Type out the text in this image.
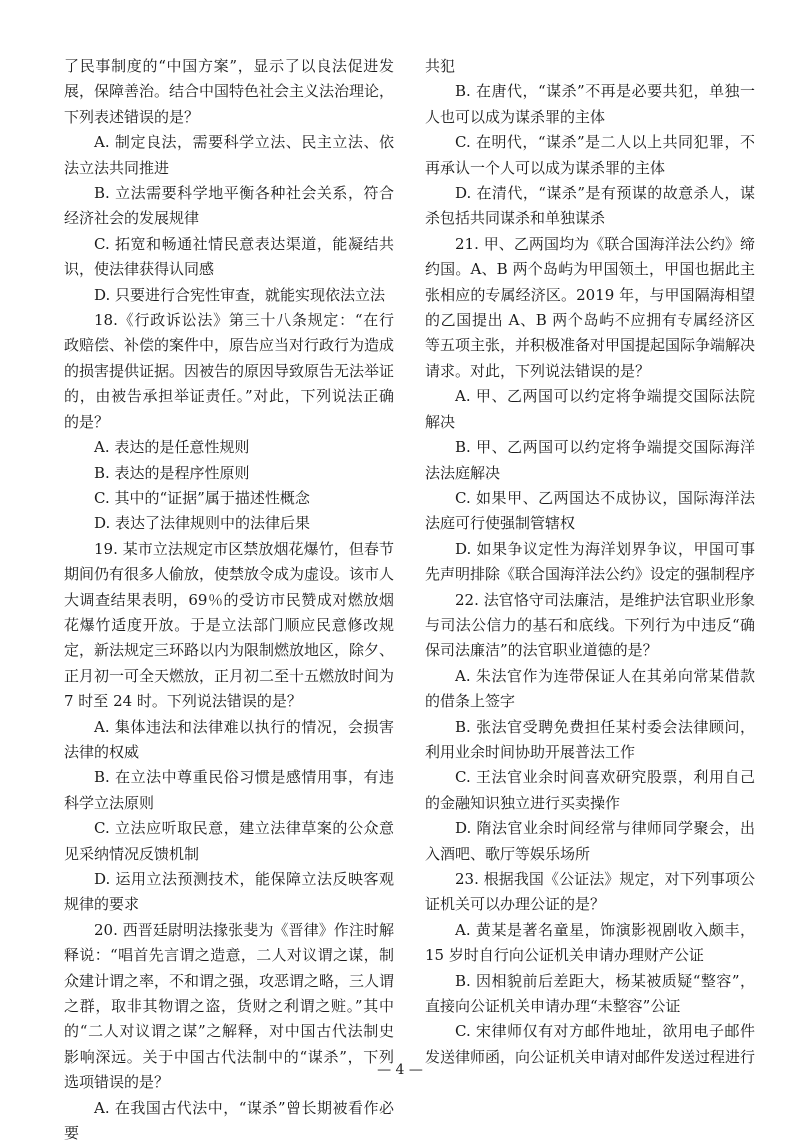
了民事制度的“中国方案”，显示了以良法促进发展，保障善治。结合中国特色社会主义法治理论，下列表述错误的是？

A. 制定良法，需要科学立法、民主立法、依法立法共同推进

B. 立法需要科学地平衡各种社会关系，符合经济社会的发展规律

C. 拓宽和畅通社情民意表达渠道，能凝结共识，使法律获得认同感

D. 只要进行合宪性审查，就能实现依法立法

18.《行政诉讼法》第三十八条规定：“在行政赔偿、补偿的案件中，原告应当对行政行为造成的损害提供证据。因被告的原因导致原告无法举证的，由被告承担举证责任。”对此，下列说法正确的是？

A. 表达的是任意性规则

B. 表达的是程序性原则

C. 其中的“证据”属于描述性概念

D. 表达了法律规则中的法律后果

19. 某市立法规定市区禁放烟花爆竹，但春节期间仍有很多人偷放，使禁放令成为虚设。该市人大调查结果表明，69％的受访市民赞成对燃放烟花爆竹适度开放。于是立法部门顺应民意修改规定，新法规定三环路以内为限制燃放地区，除夕、正月初一可全天燃放，正月初二至十五燃放时间为 7 时至 24 时。下列说法错误的是？

A. 集体违法和法律难以执行的情况，会损害法律的权威

B. 在立法中尊重民俗习惯是感情用事，有违科学立法原则

C. 立法应听取民意，建立法律草案的公众意见采纳情况反馈机制

D. 运用立法预测技术，能保障立法反映客观规律的要求

20. 西晋廷尉明法掾张斐为《晋律》作注时解释说：“唱首先言谓之造意，二人对议谓之谋，制众建计谓之率，不和谓之强，攻恶谓之略，三人谓之群，取非其物谓之盗，货财之利谓之赃。”其中的“二人对议谓之谋”之解释，对中国古代法制史影响深远。关于中国古代法制中的“谋杀”，下列选项错误的是？

A. 在我国古代法中，“谋杀”曾长期被看作必要

共犯

B. 在唐代，“谋杀”不再是必要共犯，单独一人也可以成为谋杀罪的主体

C. 在明代，“谋杀”是二人以上共同犯罪，不再承认一个人可以成为谋杀罪的主体

D. 在清代，“谋杀”是有预谋的故意杀人，谋杀包括共同谋杀和单独谋杀

21. 甲、乙两国均为《联合国海洋法公约》缔约国。A、B 两个岛屿为甲国领土，甲国也据此主张相应的专属经济区。2019 年，与甲国隔海相望的乙国提出 A、B 两个岛屿不应拥有专属经济区等五项主张，并积极准备对甲国提起国际争端解决请求。对此，下列说法错误的是？

A. 甲、乙两国可以约定将争端提交国际法院解决

B. 甲、乙两国可以约定将争端提交国际海洋法法庭解决

C. 如果甲、乙两国达不成协议，国际海洋法法庭可行使强制管辖权

D. 如果争议定性为海洋划界争议，甲国可事先声明排除《联合国海洋法公约》设定的强制程序

22. 法官恪守司法廉洁，是维护法官职业形象与司法公信力的基石和底线。下列行为中违反“确保司法廉洁”的法官职业道德的是？

A. 朱法官作为连带保证人在其弟向常某借款的借条上签字

B. 张法官受聘免费担任某村委会法律顾问，利用业余时间协助开展普法工作

C. 王法官业余时间喜欢研究股票，利用自己的金融知识独立进行买卖操作

D. 隋法官业余时间经常与律师同学聚会，出入酒吧、歌厅等娱乐场所

23. 根据我国《公证法》规定，对下列事项公证机关可以办理公证的是？

A. 黄某是著名童星，饰演影视剧收入颇丰，15 岁时自行向公证机关申请办理财产公证

B. 因相貌前后差距大，杨某被质疑“整容”，直接向公证机关申请办理“未整容”公证

C. 宋律师仅有对方邮件地址，欲用电子邮件发送律师函，向公证机关申请对邮件发送过程进行

— 4 —
